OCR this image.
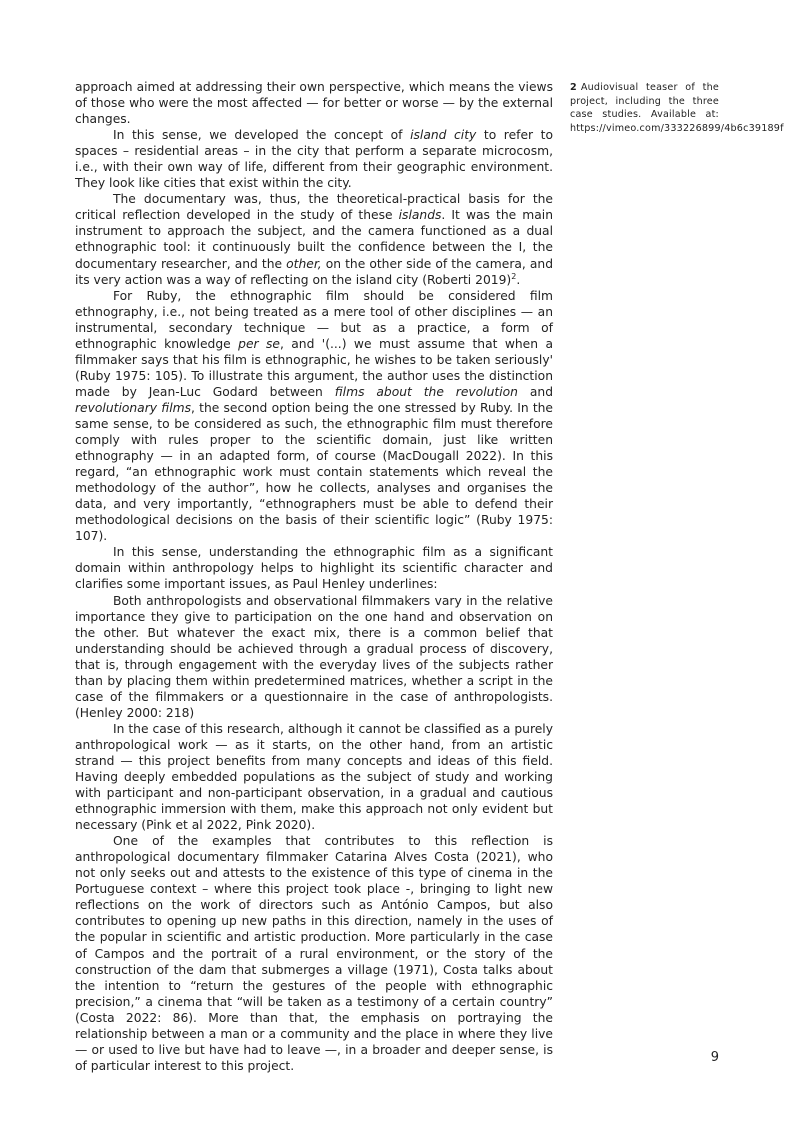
approach aimed at addressing their own perspective, which means the views of those who were the most affected — for better or worse — by the external changes.

In this sense, we developed the concept of island city to refer to spaces – residential areas – in the city that perform a separate microcosm, i.e., with their own way of life, different from their geographic environment. They look like cities that exist within the city.

The documentary was, thus, the theoretical-practical basis for the critical reflection developed in the study of these islands. It was the main instrument to approach the subject, and the camera functioned as a dual ethnographic tool: it continuously built the confidence between the I, the documentary researcher, and the other, on the other side of the camera, and its very action was a way of reflecting on the island city (Roberti 2019)$^2$.

For Ruby, the ethnographic film should be considered film ethnography, i.e., not being treated as a mere tool of other disciplines — an instrumental, secondary technique — but as a practice, a form of ethnographic knowledge per se, and '(...) we must assume that when a filmmaker says that his film is ethnographic, he wishes to be taken seriously' (Ruby 1975: 105). To illustrate this argument, the author uses the distinction made by Jean-Luc Godard between films about the revolution and revolutionary films, the second option being the one stressed by Ruby. In the same sense, to be considered as such, the ethnographic film must therefore comply with rules proper to the scientific domain, just like written ethnography — in an adapted form, of course (MacDougall 2022). In this regard, “an ethnographic work must contain statements which reveal the methodology of the author”, how he collects, analyses and organises the data, and very importantly, “ethnographers must be able to defend their methodological decisions on the basis of their scientific logic” (Ruby 1975: 107).

In this sense, understanding the ethnographic film as a significant domain within anthropology helps to highlight its scientific character and clarifies some important issues, as Paul Henley underlines:

Both anthropologists and observational filmmakers vary in the relative importance they give to participation on the one hand and observation on the other. But whatever the exact mix, there is a common belief that understanding should be achieved through a gradual process of discovery, that is, through engagement with the everyday lives of the subjects rather than by placing them within predetermined matrices, whether a script in the case of the filmmakers or a questionnaire in the case of anthropologists. (Henley 2000: 218)

In the case of this research, although it cannot be classified as a purely anthropological work — as it starts, on the other hand, from an artistic strand — this project benefits from many concepts and ideas of this field. Having deeply embedded populations as the subject of study and working with participant and non-participant observation, in a gradual and cautious ethnographic immersion with them, make this approach not only evident but necessary (Pink et al 2022, Pink 2020).

One of the examples that contributes to this reflection is anthropological documentary filmmaker Catarina Alves Costa (2021), who not only seeks out and attests to the existence of this type of cinema in the Portuguese context – where this project took place -, bringing to light new reflections on the work of directors such as António Campos, but also contributes to opening up new paths in this direction, namely in the uses of the popular in scientific and artistic production. More particularly in the case of Campos and the portrait of a rural environment, or the story of the construction of the dam that submerges a village (1971), Costa talks about the intention to “return the gestures of the people with ethnographic precision,” a cinema that “will be taken as a testimony of a certain country” (Costa 2022: 86). More than that, the emphasis on portraying the relationship between a man or a community and the place in where they live — or used to live but have had to leave —, in a broader and deeper sense, is of particular interest to this project.

2 Audiovisual teaser of the project, including the three case studies. Available at: https://vimeo.com/333226899/4b6c39189f
9
